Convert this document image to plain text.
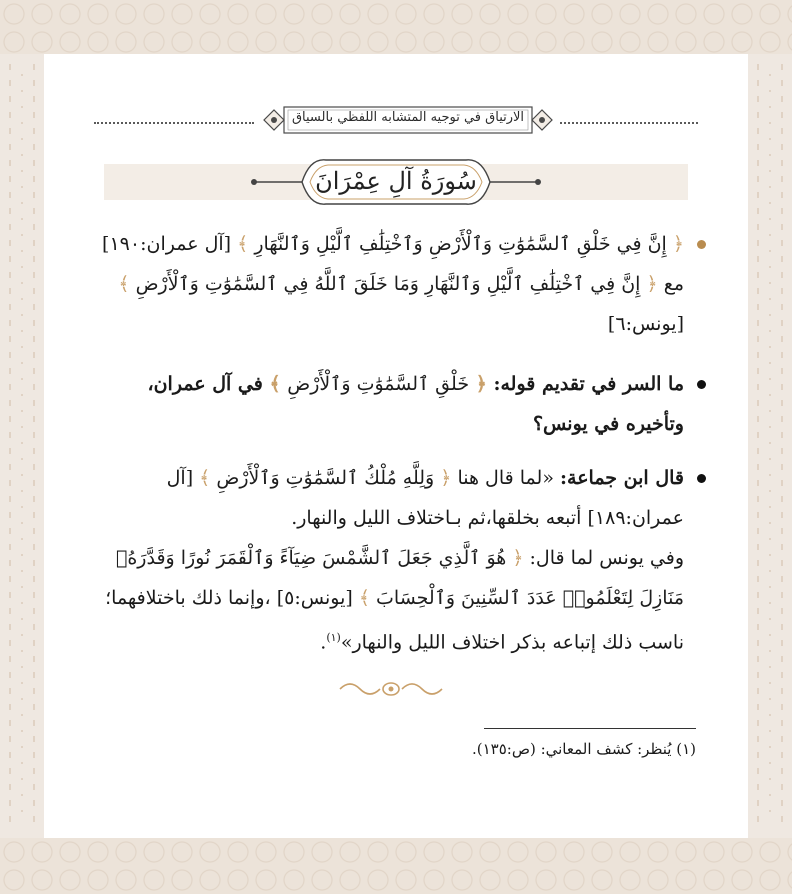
الارتياق في توجيه المتشابه اللفظي بالسياق
سُورَةُ آلِ عِمْرَانَ

﴿ إِنَّ فِي خَلْقِ ٱلسَّمَٰوَٰتِ وَٱلْأَرْضِ وَٱخْتِلَٰفِ ٱلَّيْلِ وَٱلنَّهَارِ ﴾ [آل عمران:١٩٠]
مع ﴿ إِنَّ فِي ٱخْتِلَٰفِ ٱلَّيْلِ وَٱلنَّهَارِ وَمَا خَلَقَ ٱللَّهُ فِي ٱلسَّمَٰوَٰتِ وَٱلْأَرْضِ ﴾ [يونس:٦]

ما السر في تقديم قوله: ﴿ خَلْقِ ٱلسَّمَٰوَٰتِ وَٱلْأَرْضِ ﴾ في آل عمران، وتأخيره في يونس؟

قال ابن جماعة: «لما قال هنا ﴿ وَلِلَّهِ مُلْكُ ٱلسَّمَٰوَٰتِ وَٱلْأَرْضِ ﴾ [آل عمران:١٨٩] أتبعه بخلقها،ثم بـاختلاف الليل والنهار.
وفي يونس لما قال: ﴿ هُوَ ٱلَّذِي جَعَلَ ٱلشَّمْسَ ضِيَآءً وَٱلْقَمَرَ نُورًا وَقَدَّرَهُۥ مَنَازِلَ لِتَعْلَمُوا۟ عَدَدَ ٱلسِّنِينَ وَٱلْحِسَابَ ﴾ [يونس:٥] ،وإنما ذلك باختلافهما؛ ناسب ذلك إتباعه بذكر اختلاف الليل والنهار»$^{(١)}$.
(١) يُنظر: كشف المعاني: (ص:١٣٥).
